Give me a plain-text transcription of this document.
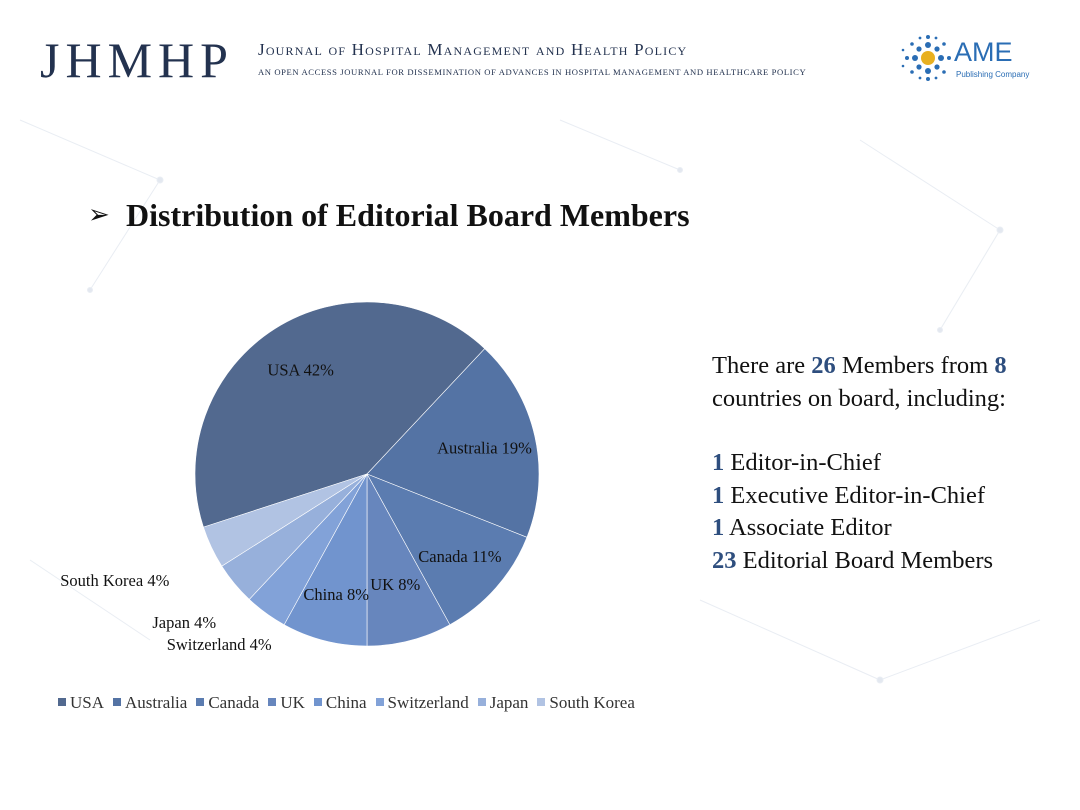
JHMHP Journal of Hospital Management and Health Policy
AN OPEN ACCESS JOURNAL FOR DISSEMINATION OF ADVANCES IN HOSPITAL MANAGEMENT AND HEALTHCARE POLICY
AME
Publishing Company
➢ Distribution of Editorial Board Members
USA 42%
Australia 19%
Canada 11%
UK 8%
China 8%
Switzerland 4%
Japan 4%
South Korea 4%
USA Australia Canada UK China Switzerland Japan South Korea
There are 26 Members from 8
countries on board, including:
1 Editor-in-Chief
1 Executive Editor-in-Chief
1 Associate Editor
23 Editorial Board Members
